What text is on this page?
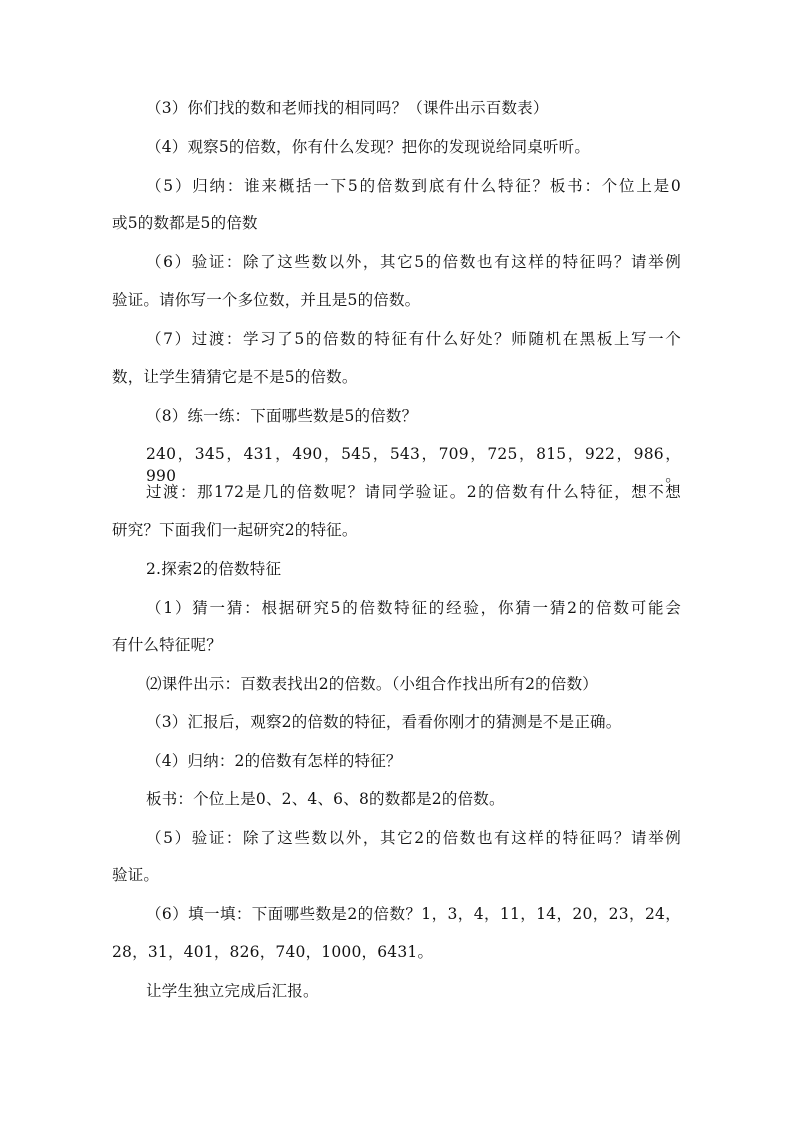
（3）你们找的数和老师找的相同吗？（课件出示百数表）
（4）观察5的倍数，你有什么发现？把你的发现说给同桌听听。
（5）归纳：谁来概括一下5的倍数到底有什么特征？板书：个位上是0
或5的数都是5的倍数
（6）验证：除了这些数以外，其它5的倍数也有这样的特征吗？请举例
验证。请你写一个多位数，并且是5的倍数。
（7）过渡：学习了5的倍数的特征有什么好处？师随机在黑板上写一个
数，让学生猜猜它是不是5的倍数。
（8）练一练：下面哪些数是5的倍数？
240，345，431，490，545，543，709，725，815，922，986，990。
过渡：那172是几的倍数呢？请同学验证。2的倍数有什么特征，想不想
研究？下面我们一起研究2的特征。
2.探索2的倍数特征
（1）猜一猜：根据研究5的倍数特征的经验，你猜一猜2的倍数可能会
有什么特征呢？
⑵课件出示：百数表找出2的倍数。（小组合作找出所有2的倍数）
（3）汇报后，观察2的倍数的特征，看看你刚才的猜测是不是正确。
（4）归纳：2的倍数有怎样的特征？
板书：个位上是0、2、4、6、8的数都是2的倍数。
（5）验证：除了这些数以外，其它2的倍数也有这样的特征吗？请举例
验证。
（6）填一填：下面哪些数是2的倍数？1，3，4，11，14，20，23，24，
28，31，401，826，740，1000，6431。
让学生独立完成后汇报。
